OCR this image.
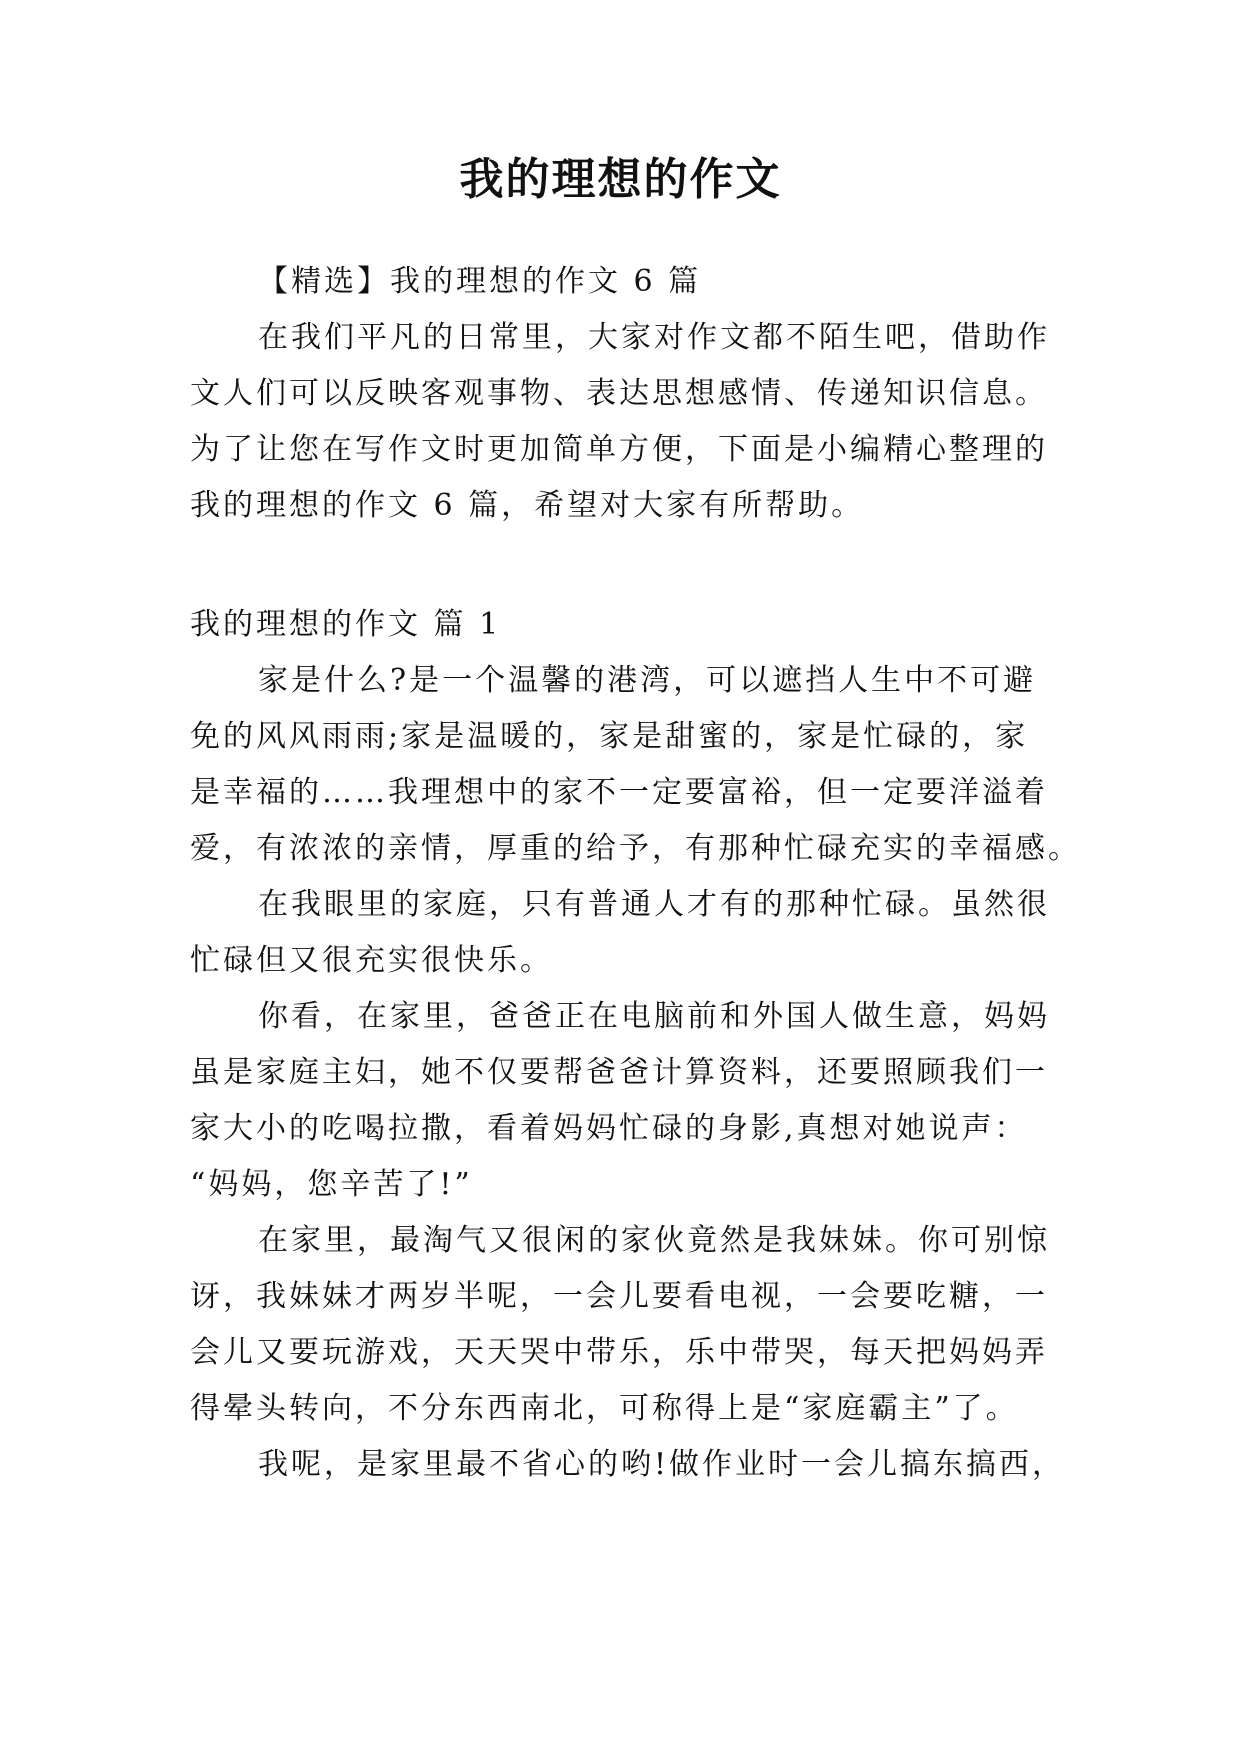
我的理想的作文
【精选】我的理想的作文 6 篇
在我们平凡的日常里，大家对作文都不陌生吧，借助作
文人们可以反映客观事物、表达思想感情、传递知识信息。
为了让您在写作文时更加简单方便，下面是小编精心整理的
我的理想的作文 6 篇，希望对大家有所帮助。
我的理想的作文 篇 1
家是什么?是一个温馨的港湾，可以遮挡人生中不可避
免的风风雨雨;家是温暖的，家是甜蜜的，家是忙碌的，家
是幸福的……我理想中的家不一定要富裕，但一定要洋溢着
爱，有浓浓的亲情，厚重的给予，有那种忙碌充实的幸福感。
在我眼里的家庭，只有普通人才有的那种忙碌。虽然很
忙碌但又很充实很快乐。
你看，在家里，爸爸正在电脑前和外国人做生意，妈妈
虽是家庭主妇，她不仅要帮爸爸计算资料，还要照顾我们一
家大小的吃喝拉撒，看着妈妈忙碌的身影,真想对她说声：
“妈妈，您辛苦了!”
在家里，最淘气又很闲的家伙竟然是我妹妹。你可别惊
讶，我妹妹才两岁半呢，一会儿要看电视，一会要吃糖，一
会儿又要玩游戏，天天哭中带乐，乐中带哭，每天把妈妈弄
得晕头转向，不分东西南北，可称得上是“家庭霸主”了。
我呢，是家里最不省心的哟!做作业时一会儿搞东搞西，
